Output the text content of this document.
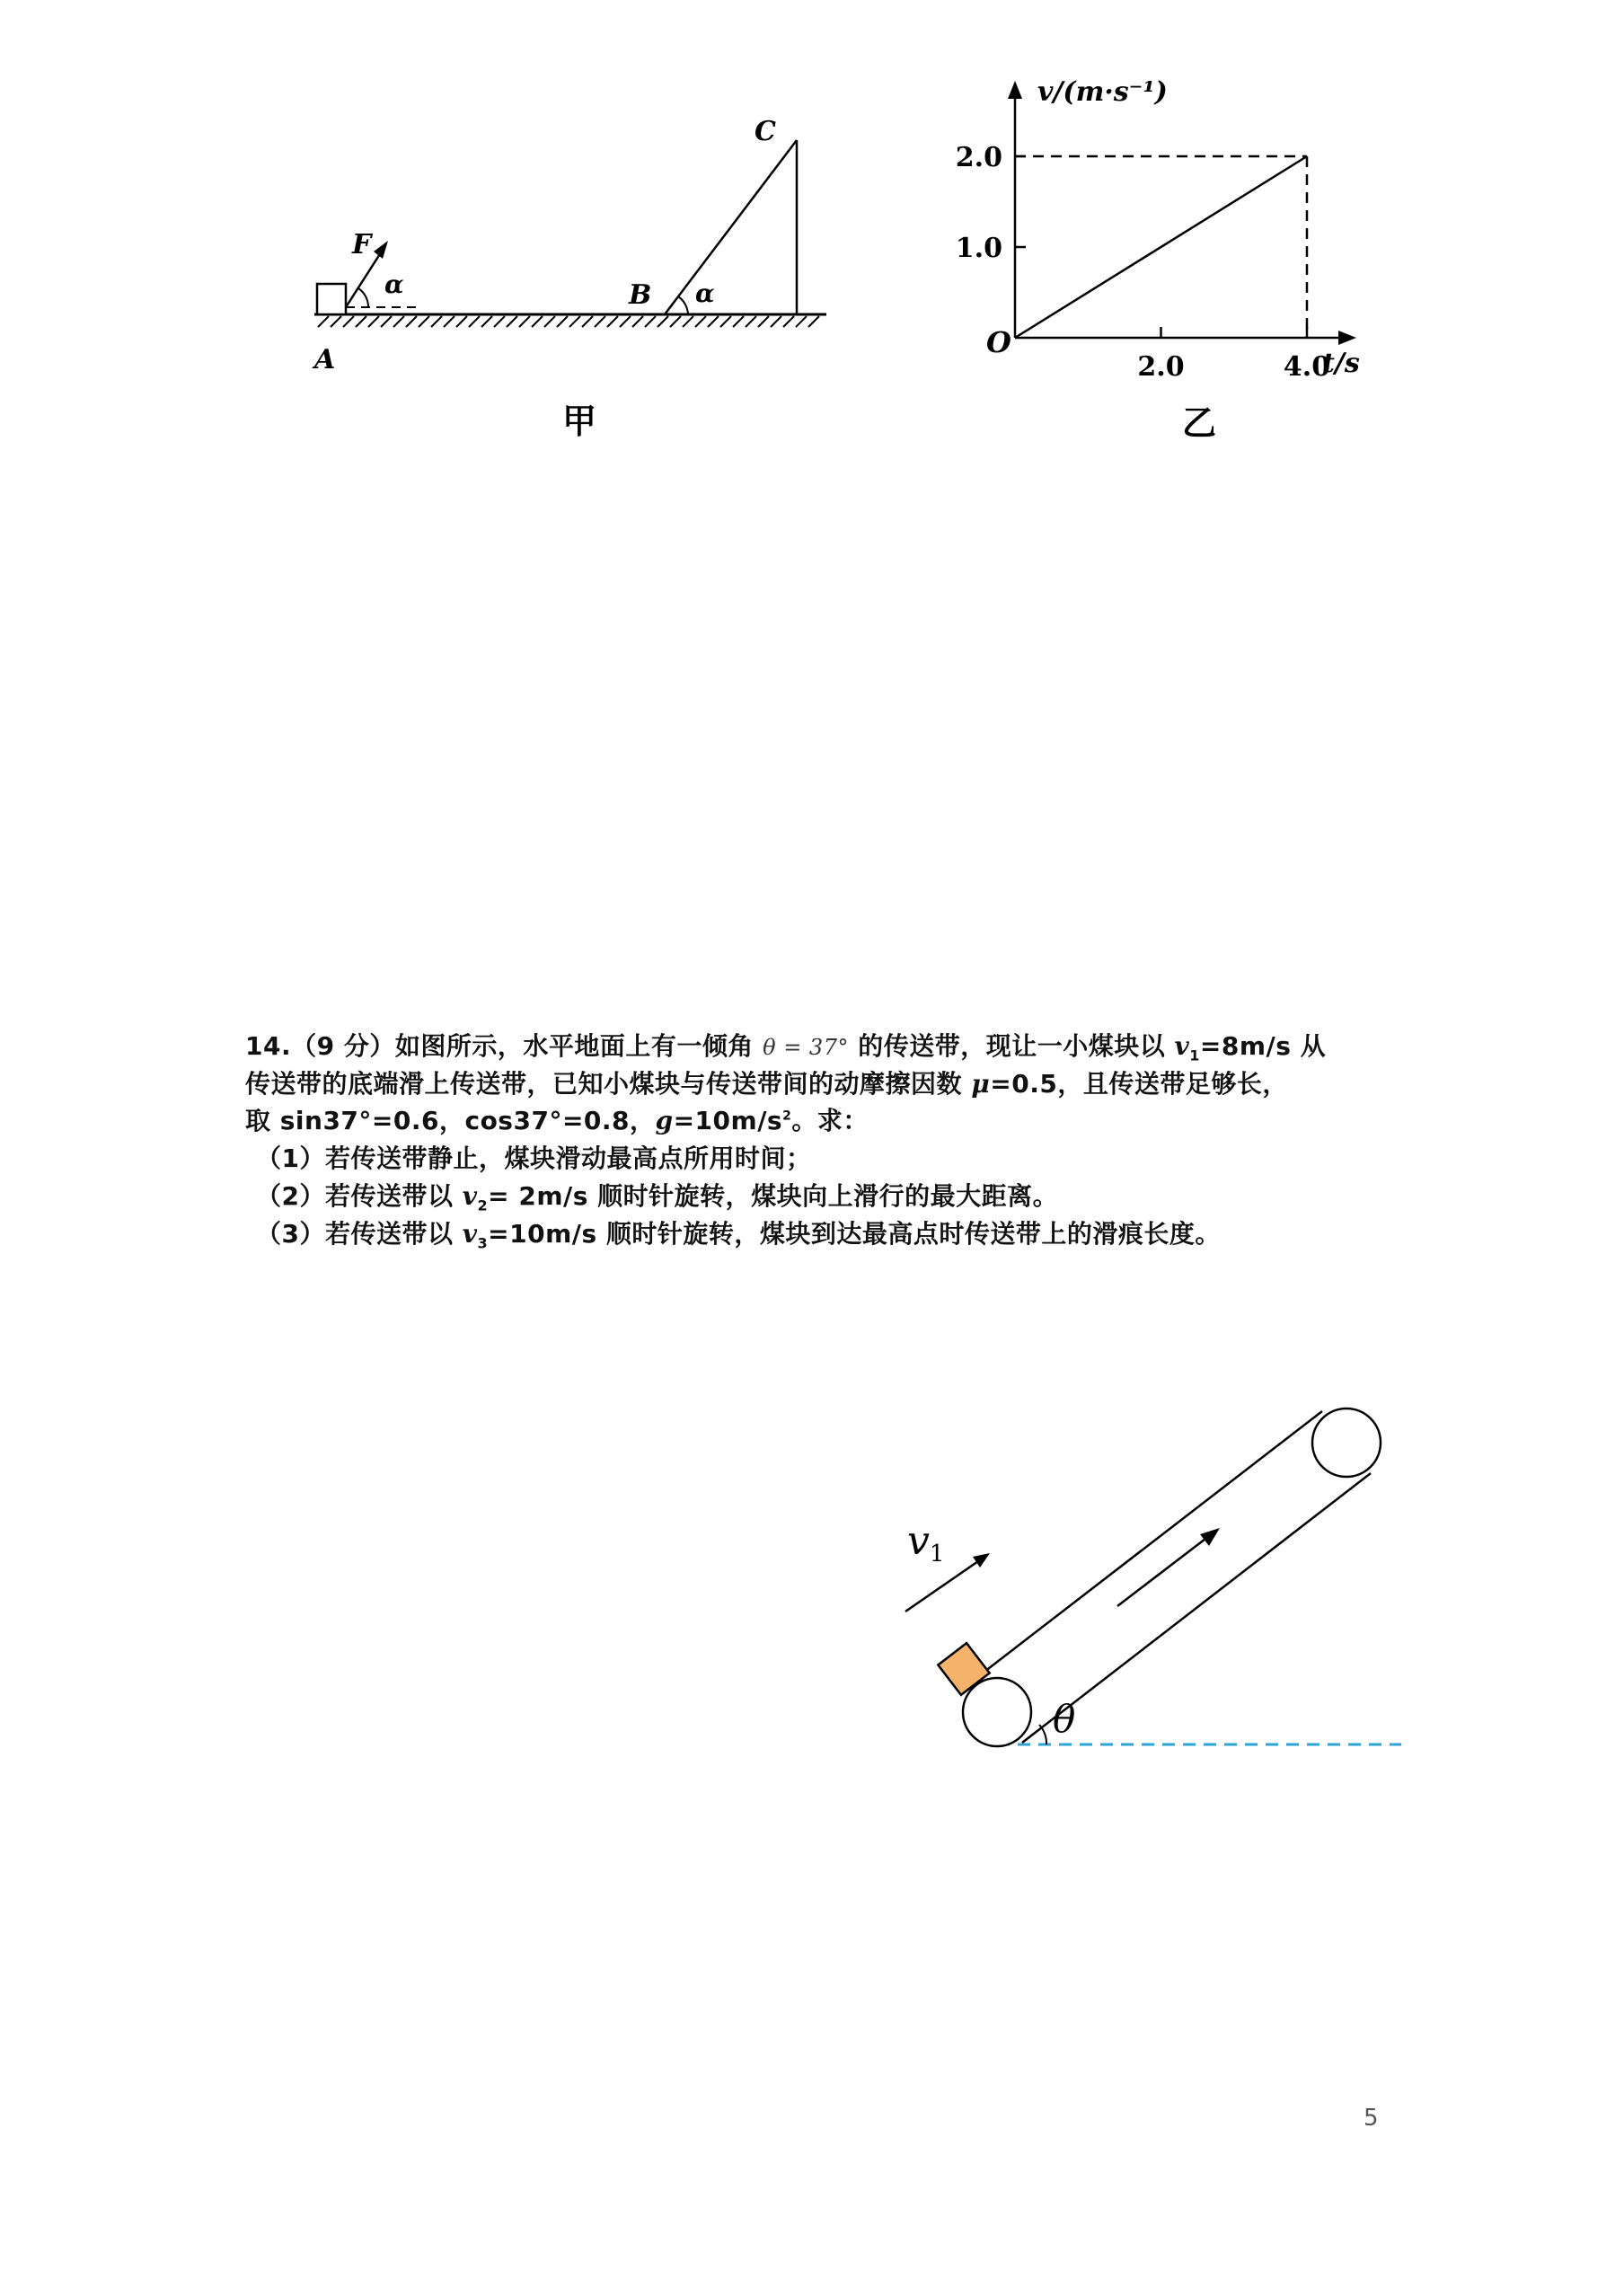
F
α
A
B α
C
甲
1.0
2.0
2.0	4.0
v/(m·s⁻¹)
t/s
O
乙
14.（9 分）如图所示，水平地面上有一倾角 θ = 37° 的传送带，现让一小煤块以 $v_1=8m/s$ 从
传送带的底端滑上传送带，已知小煤块与传送带间的动摩擦因数 μ=0.5，且传送带足够长，
取 sin37°=0.6，cos37°=0.8，$g=10m/s^2$。求：
（1）若传送带静止，煤块滑动最高点所用时间；
（2）若传送带以 $v_2= 2m/s$ 顺时针旋转，煤块向上滑行的最大距离。
（3）若传送带以 $v_3=10m/s$ 顺时针旋转，煤块到达最高点时传送带上的滑痕长度。
v1
θ
5
